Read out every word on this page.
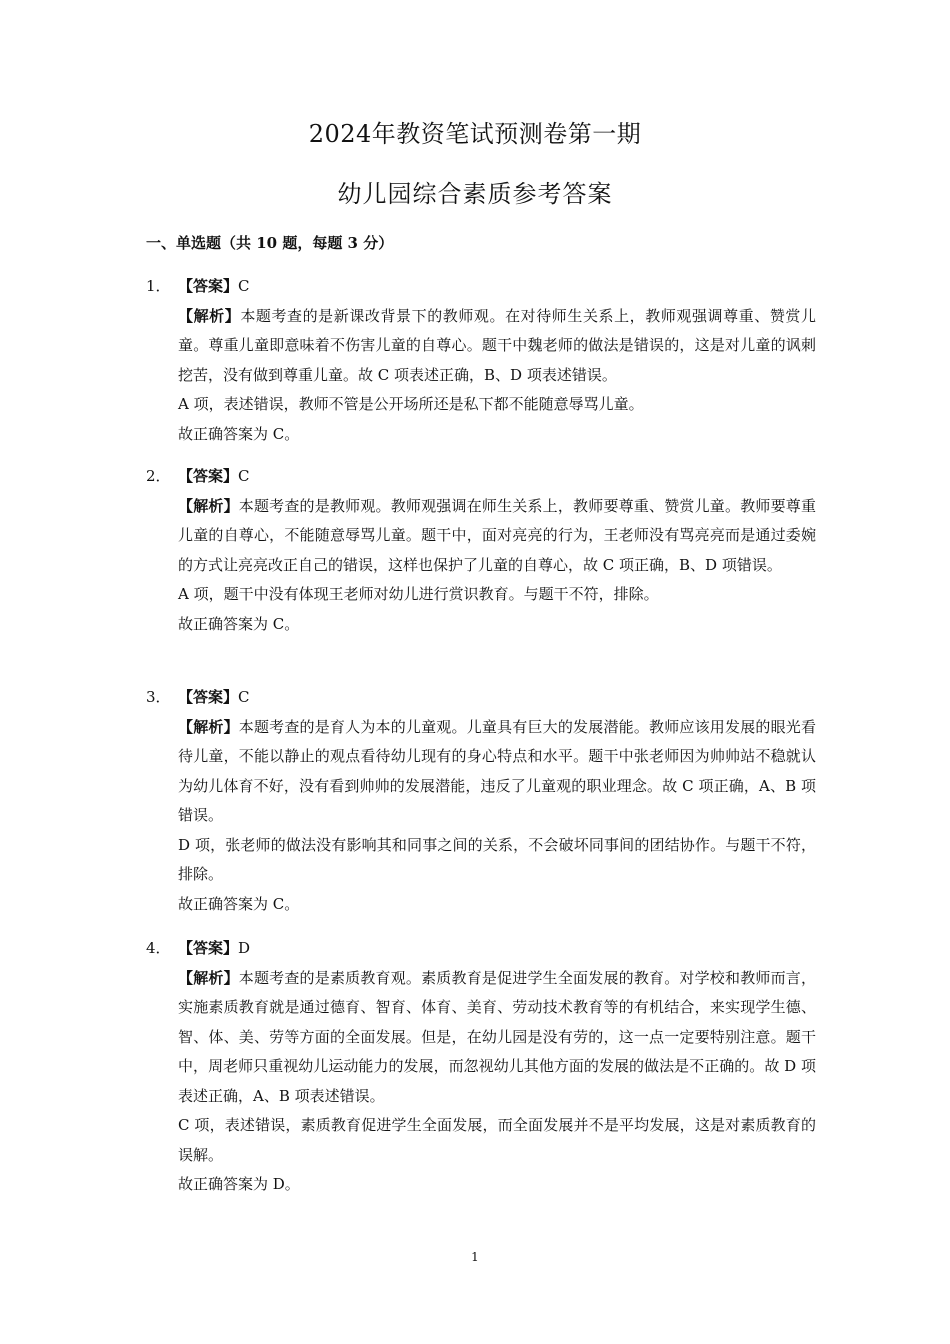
2024年教资笔试预测卷第一期
幼儿园综合素质参考答案
一、单选题（共 10 题，每题 3 分）
1． 【答案】 C

【解析】本题考查的是新课改背景下的教师观。在对待师生关系上，教师观强调尊重、赞赏儿童。尊重儿童即意味着不伤害儿童的自尊心。题干中魏老师的做法是错误的，这是对儿童的讽刺挖苦，没有做到尊重儿童。故 C 项表述正确，B、D 项表述错误。

A 项，表述错误，教师不管是公开场所还是私下都不能随意辱骂儿童。

故正确答案为 C。

2． 【答案】 C

【解析】本题考查的是教师观。教师观强调在师生关系上，教师要尊重、赞赏儿童。教师要尊重儿童的自尊心，不能随意辱骂儿童。题干中，面对亮亮的行为，王老师没有骂亮亮而是通过委婉的方式让亮亮改正自己的错误，这样也保护了儿童的自尊心，故 C 项正确，B、D 项错误。

A 项，题干中没有体现王老师对幼儿进行赏识教育。与题干不符，排除。

故正确答案为 C。

3． 【答案】 C

【解析】本题考查的是育人为本的儿童观。儿童具有巨大的发展潜能。教师应该用发展的眼光看待儿童，不能以静止的观点看待幼儿现有的身心特点和水平。题干中张老师因为帅帅站不稳就认为幼儿体育不好，没有看到帅帅的发展潜能，违反了儿童观的职业理念。故 C 项正确，A、B 项错误。

D 项，张老师的做法没有影响其和同事之间的关系，不会破坏同事间的团结协作。与题干不符，排除。

故正确答案为 C。

4． 【答案】 D

【解析】本题考查的是素质教育观。素质教育是促进学生全面发展的教育。对学校和教师而言，实施素质教育就是通过德育、智育、体育、美育、劳动技术教育等的有机结合，来实现学生德、智、体、美、劳等方面的全面发展。但是，在幼儿园是没有劳的，这一点一定要特别注意。题干中，周老师只重视幼儿运动能力的发展，而忽视幼儿其他方面的发展的做法是不正确的。故 D 项表述正确，A、B 项表述错误。

C 项，表述错误，素质教育促进学生全面发展，而全面发展并不是平均发展，这是对素质教育的误解。

故正确答案为 D。

1
